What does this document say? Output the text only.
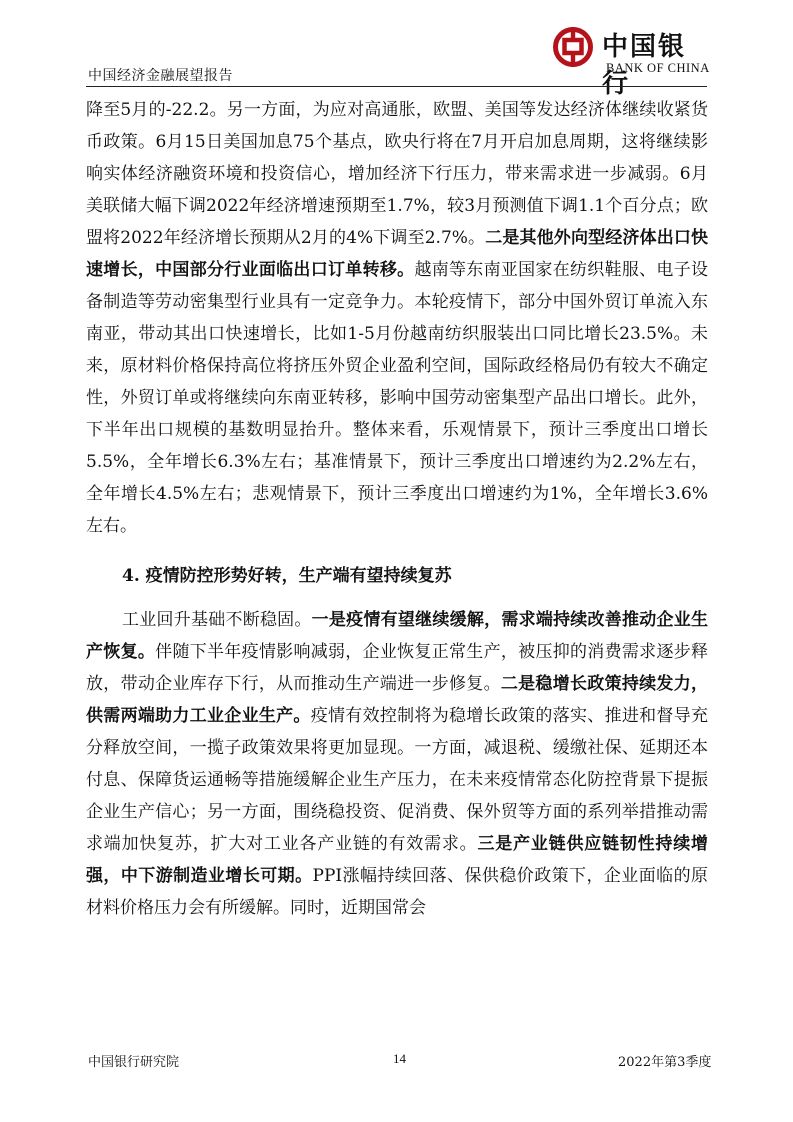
中国银行
BANK OF CHINA
中国经济金融展望报告

降至5月的-22.2。另一方面，为应对高通胀，欧盟、美国等发达经济体继续收紧货币政策。6月15日美国加息75个基点，欧央行将在7月开启加息周期，这将继续影响实体经济融资环境和投资信心，增加经济下行压力，带来需求进一步减弱。6月美联储大幅下调2022年经济增速预期至1.7%，较3月预测值下调1.1个百分点；欧盟将2022年经济增长预期从2月的4%下调至2.7%。二是其他外向型经济体出口快速增长，中国部分行业面临出口订单转移。越南等东南亚国家在纺织鞋服、电子设备制造等劳动密集型行业具有一定竞争力。本轮疫情下，部分中国外贸订单流入东南亚，带动其出口快速增长，比如1-5月份越南纺织服装出口同比增长23.5%。未来，原材料价格保持高位将挤压外贸企业盈利空间，国际政经格局仍有较大不确定性，外贸订单或将继续向东南亚转移，影响中国劳动密集型产品出口增长。此外，下半年出口规模的基数明显抬升。整体来看，乐观情景下，预计三季度出口增长5.5%，全年增长6.3%左右；基准情景下，预计三季度出口增速约为2.2%左右，全年增长4.5%左右；悲观情景下，预计三季度出口增速约为1%，全年增长3.6%左右。

4. 疫情防控形势好转，生产端有望持续复苏

工业回升基础不断稳固。一是疫情有望继续缓解，需求端持续改善推动企业生产恢复。伴随下半年疫情影响减弱，企业恢复正常生产，被压抑的消费需求逐步释放，带动企业库存下行，从而推动生产端进一步修复。二是稳增长政策持续发力，供需两端助力工业企业生产。疫情有效控制将为稳增长政策的落实、推进和督导充分释放空间，一揽子政策效果将更加显现。一方面，减退税、缓缴社保、延期还本付息、保障货运通畅等措施缓解企业生产压力，在未来疫情常态化防控背景下提振企业生产信心；另一方面，围绕稳投资、促消费、保外贸等方面的系列举措推动需求端加快复苏，扩大对工业各产业链的有效需求。三是产业链供应链韧性持续增强，中下游制造业增长可期。PPI涨幅持续回落、保供稳价政策下，企业面临的原材料价格压力会有所缓解。同时，近期国常会

中国银行研究院	14	2022年第3季度
